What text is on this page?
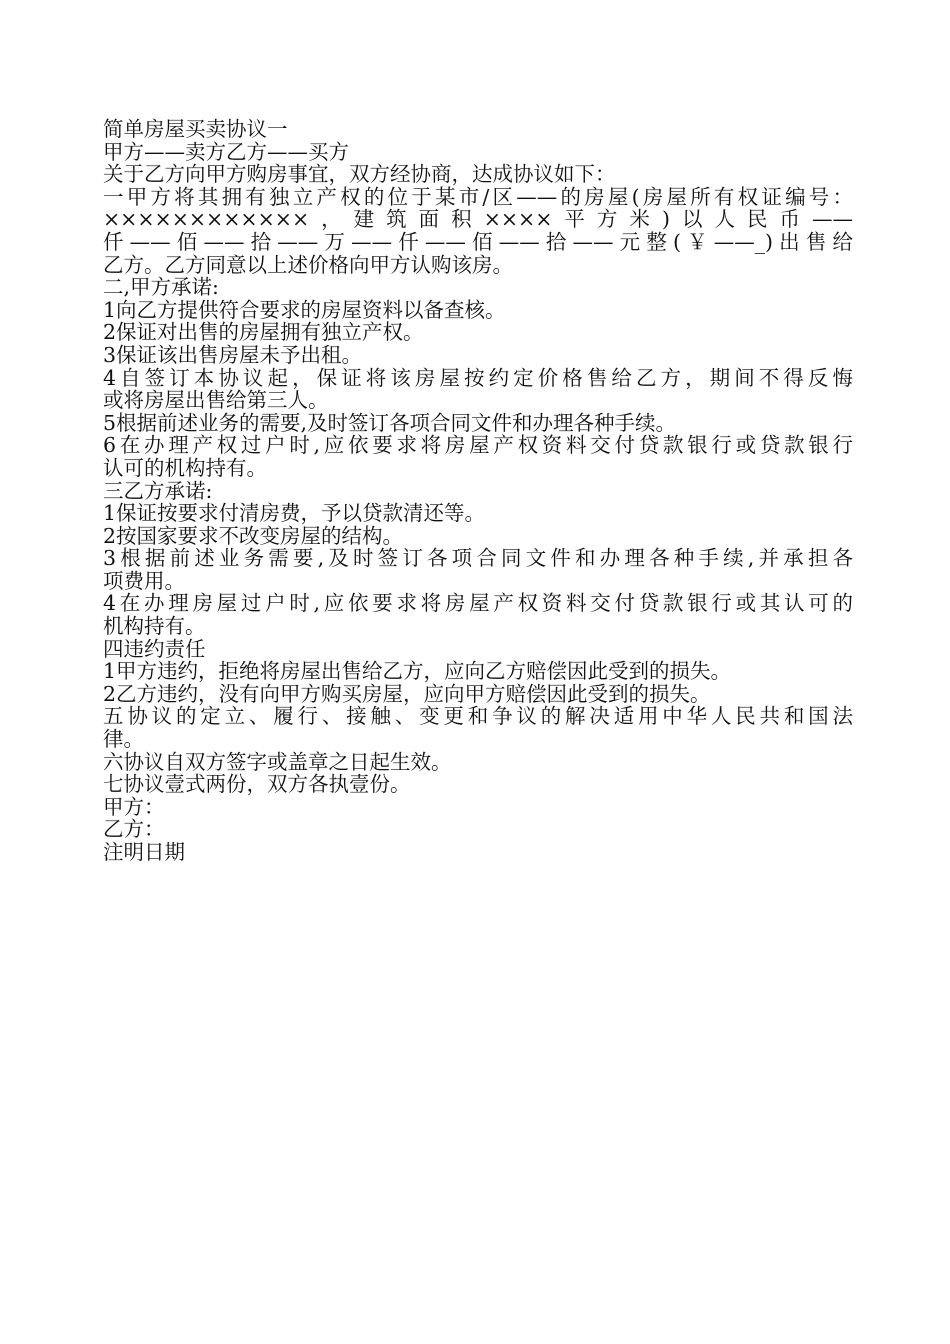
简单房屋买卖协议一
甲方——卖方乙方——买方
关于乙方向甲方购房事宜，双方经协商，达成协议如下：
一甲方将其拥有独立产权的位于某市/区——的房屋(房屋所有权证编号：
××××××××××××，建筑面积××××平方米)以人民币——
仟——佰——拾——万——仟——佰——拾——元整(￥——_)出售给
乙方。乙方同意以上述价格向甲方认购该房。
二,甲方承诺:
1向乙方提供符合要求的房屋资料以备查核。
2保证对出售的房屋拥有独立产权。
3保证该出售房屋未予出租。
4自签订本协议起，保证将该房屋按约定价格售给乙方，期间不得反悔
或将房屋出售给第三人。
5根据前述业务的需要,及时签订各项合同文件和办理各种手续。
6在办理产权过户时,应依要求将房屋产权资料交付贷款银行或贷款银行
认可的机构持有。
三乙方承诺:
1保证按要求付清房费，予以贷款清还等。
2按国家要求不改变房屋的结构。
3根据前述业务需要,及时签订各项合同文件和办理各种手续,并承担各
项费用。
4在办理房屋过户时,应依要求将房屋产权资料交付贷款银行或其认可的
机构持有。
四违约责任
1甲方违约，拒绝将房屋出售给乙方，应向乙方赔偿因此受到的损失。
2乙方违约，没有向甲方购买房屋，应向甲方赔偿因此受到的损失。
五协议的定立、履行、接触、变更和争议的解决适用中华人民共和国法
律。
六协议自双方签字或盖章之日起生效。
七协议壹式两份，双方各执壹份。
甲方：
乙方：
注明日期
